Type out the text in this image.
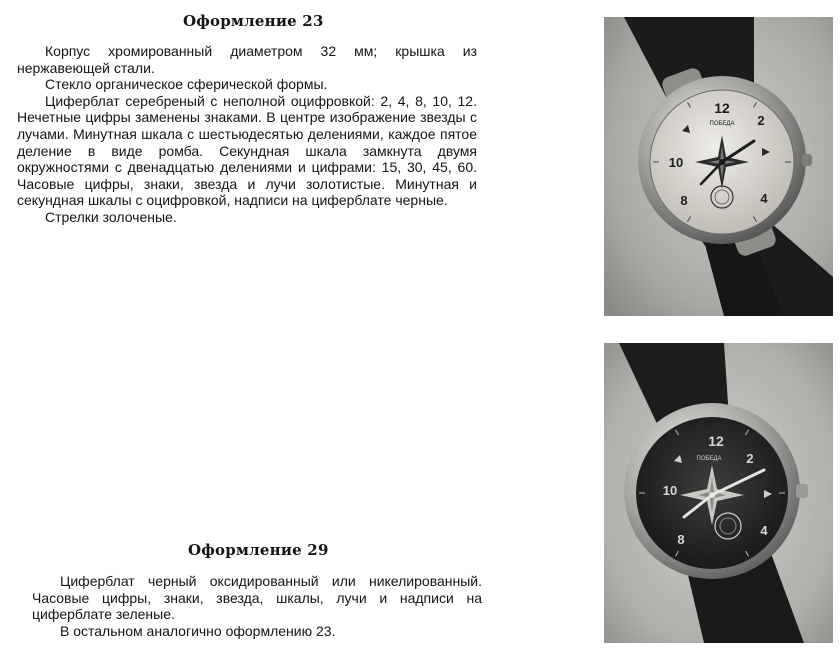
Оформление 23

Корпус хромированный диаметром 32 мм; крышка из нержавеющей стали.

Стекло органическое сферической формы.

Циферблат серебреный с неполной оцифровкой: 2, 4, 8, 10, 12. Нечетные цифры заменены знаками. В центре изображение звезды с лучами. Минутная шкала с шестьюдесятью делениями, каждое пятое деление в виде ромба. Секундная шкала замкнута двумя окружностями с двенадцатью делениями и цифрами: 15, 30, 45, 60. Часовые цифры, знаки, звезда и лучи золотистые. Минутная и секундная шкалы с оцифровкой, надписи на циферблате черные.

Стрелки золоченые.

Оформление 29

Циферблат черный оксидированный или никелированный. Часовые цифры, знаки, звезда, шкалы, лучи и надписи на циферблате зеленые.

В остальном аналогично оформлению 23.

12
2
4
8
10
ПОБЕДА
12
2
4
8
10
ПОБЕДА
